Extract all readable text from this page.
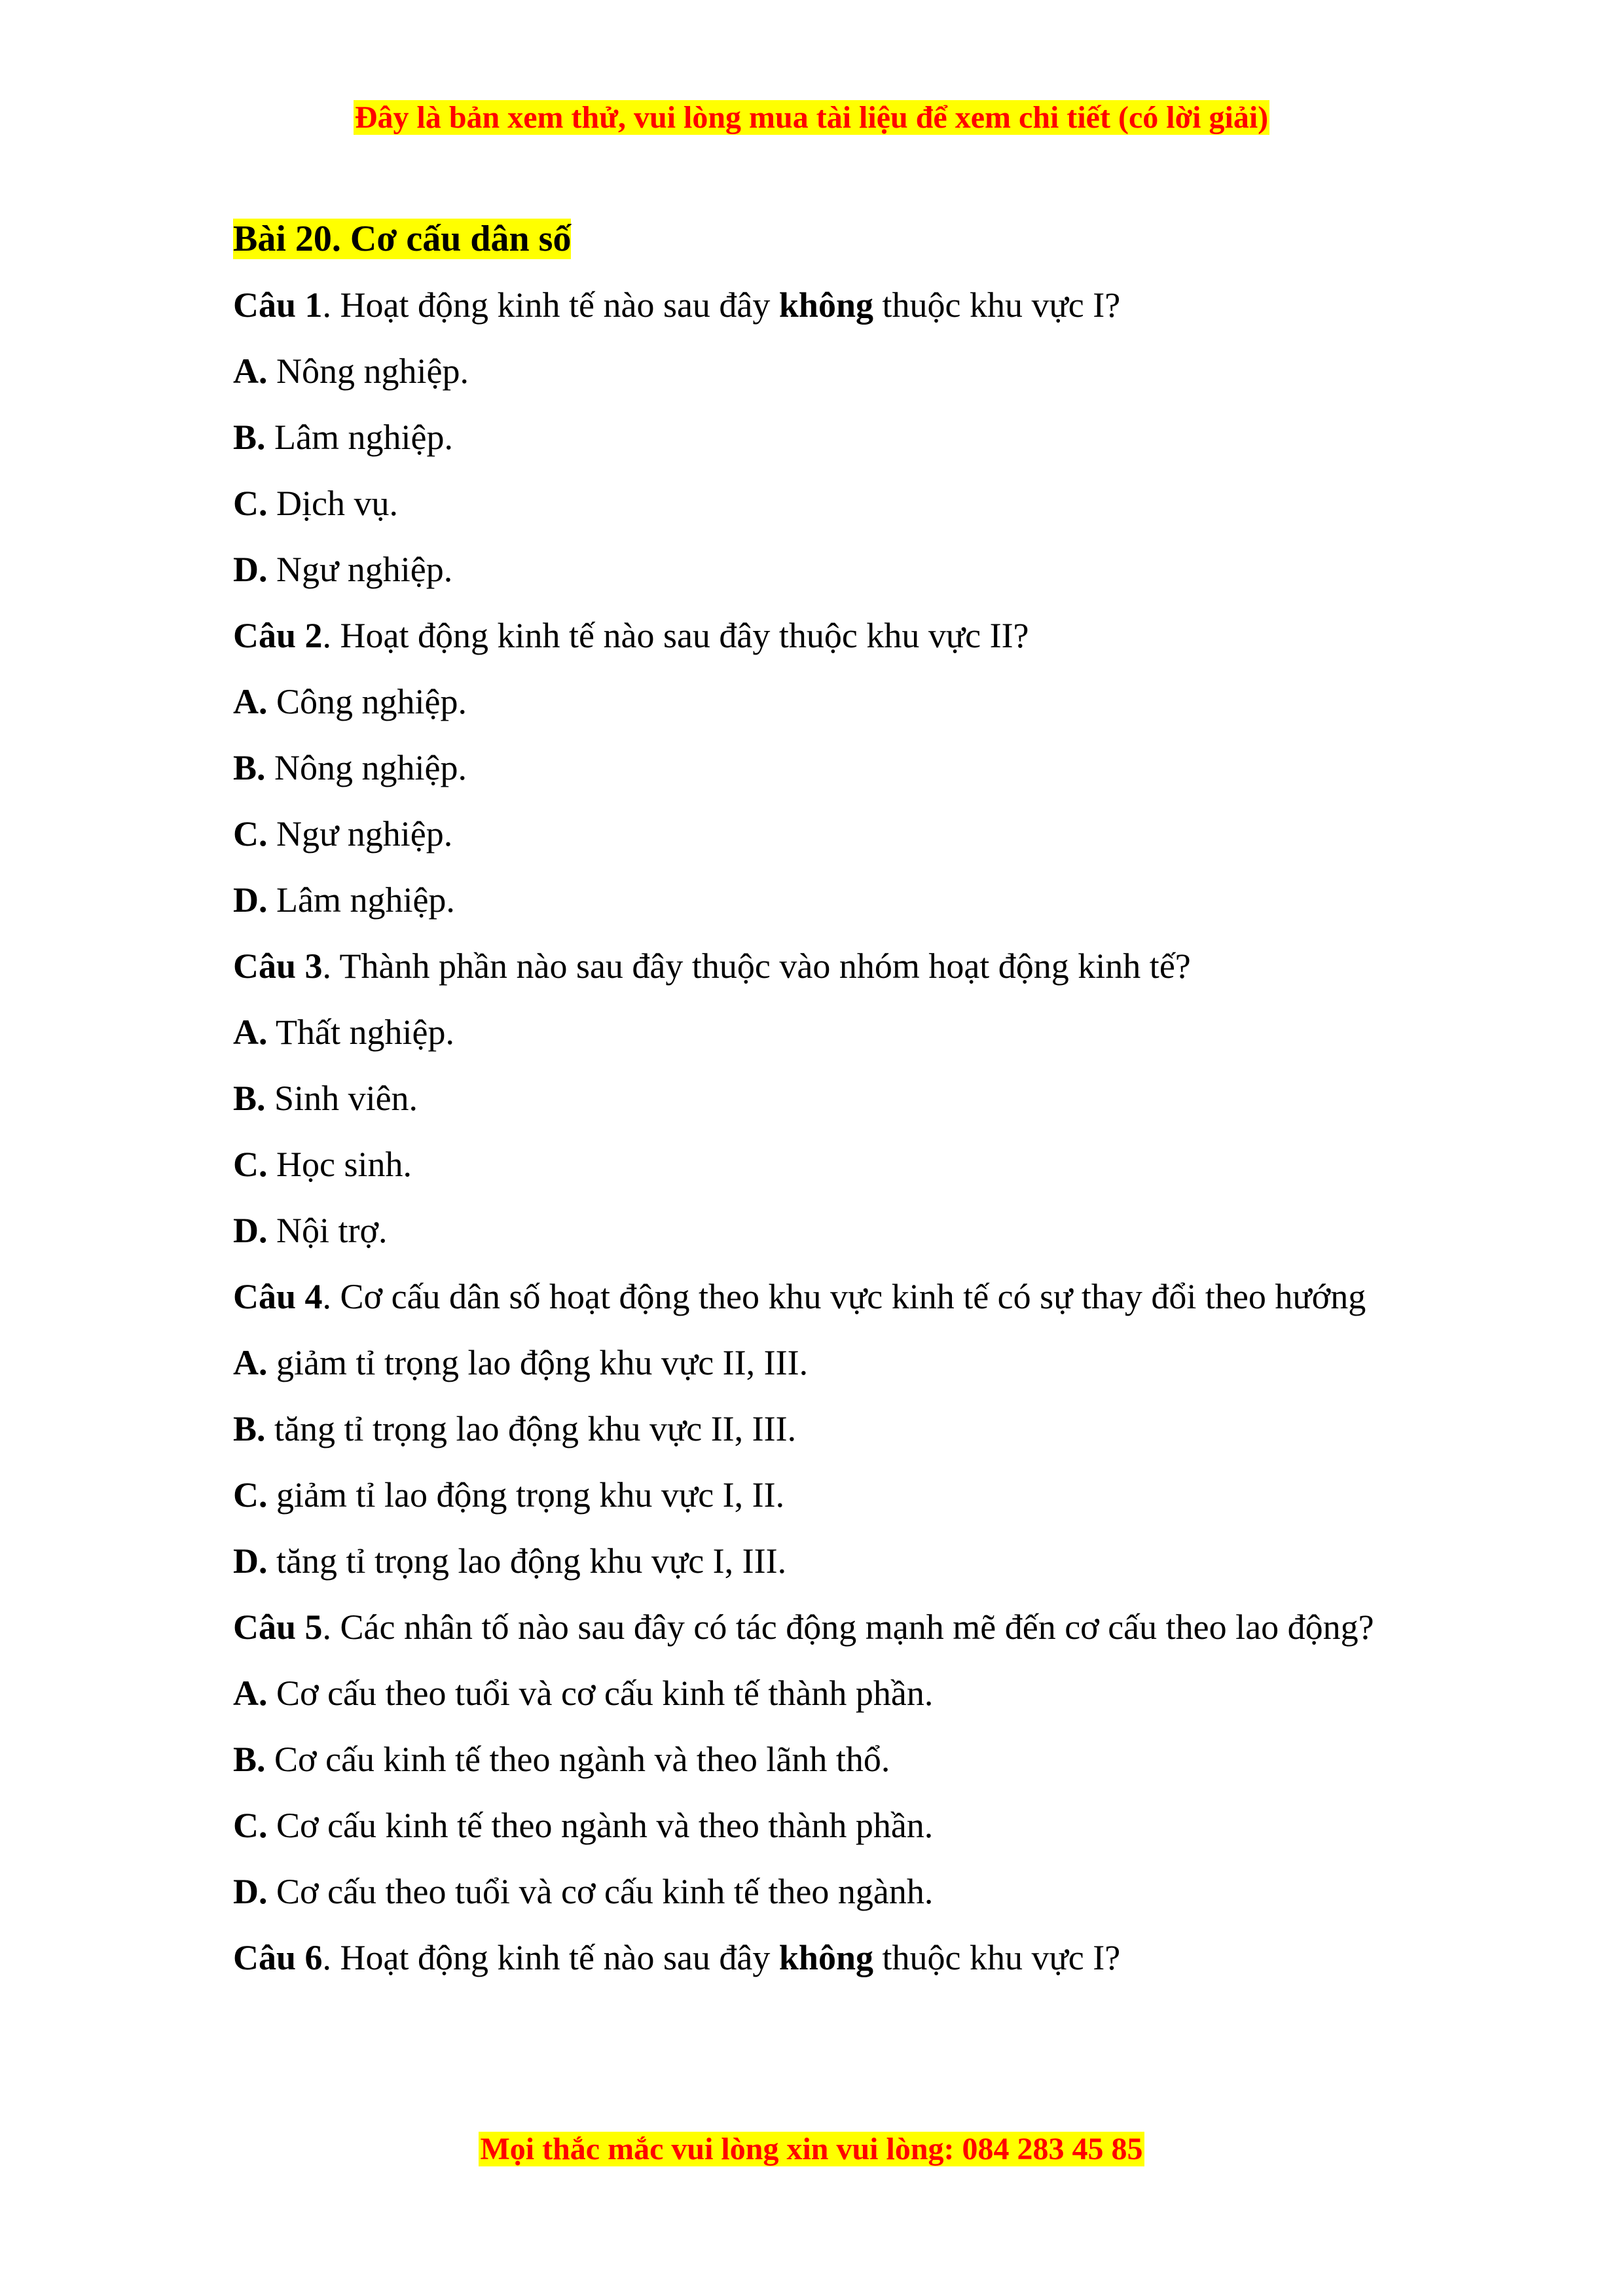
Đây là bản xem thử, vui lòng mua tài liệu để xem chi tiết (có lời giải)

Bài 20. Cơ cấu dân số

Câu 1. Hoạt động kinh tế nào sau đây không thuộc khu vực I?

A. Nông nghiệp.

B. Lâm nghiệp.

C. Dịch vụ.

D. Ngư nghiệp.

Câu 2. Hoạt động kinh tế nào sau đây thuộc khu vực II?

A. Công nghiệp.

B. Nông nghiệp.

C. Ngư nghiệp.

D. Lâm nghiệp.

Câu 3. Thành phần nào sau đây thuộc vào nhóm hoạt động kinh tế?

A. Thất nghiệp.

B. Sinh viên.

C. Học sinh.

D. Nội trợ.

Câu 4. Cơ cấu dân số hoạt động theo khu vực kinh tế có sự thay đổi theo hướng

A. giảm tỉ trọng lao động khu vực II, III.

B. tăng tỉ trọng lao động khu vực II, III.

C. giảm tỉ lao động trọng khu vực I, II.

D. tăng tỉ trọng lao động khu vực I, III.

Câu 5. Các nhân tố nào sau đây có tác động mạnh mẽ đến cơ cấu theo lao động?

A. Cơ cấu theo tuổi và cơ cấu kinh tế thành phần.

B. Cơ cấu kinh tế theo ngành và theo lãnh thổ.

C. Cơ cấu kinh tế theo ngành và theo thành phần.

D. Cơ cấu theo tuổi và cơ cấu kinh tế theo ngành.

Câu 6. Hoạt động kinh tế nào sau đây không thuộc khu vực I?

Mọi thắc mắc vui lòng xin vui lòng: 084 283 45 85
